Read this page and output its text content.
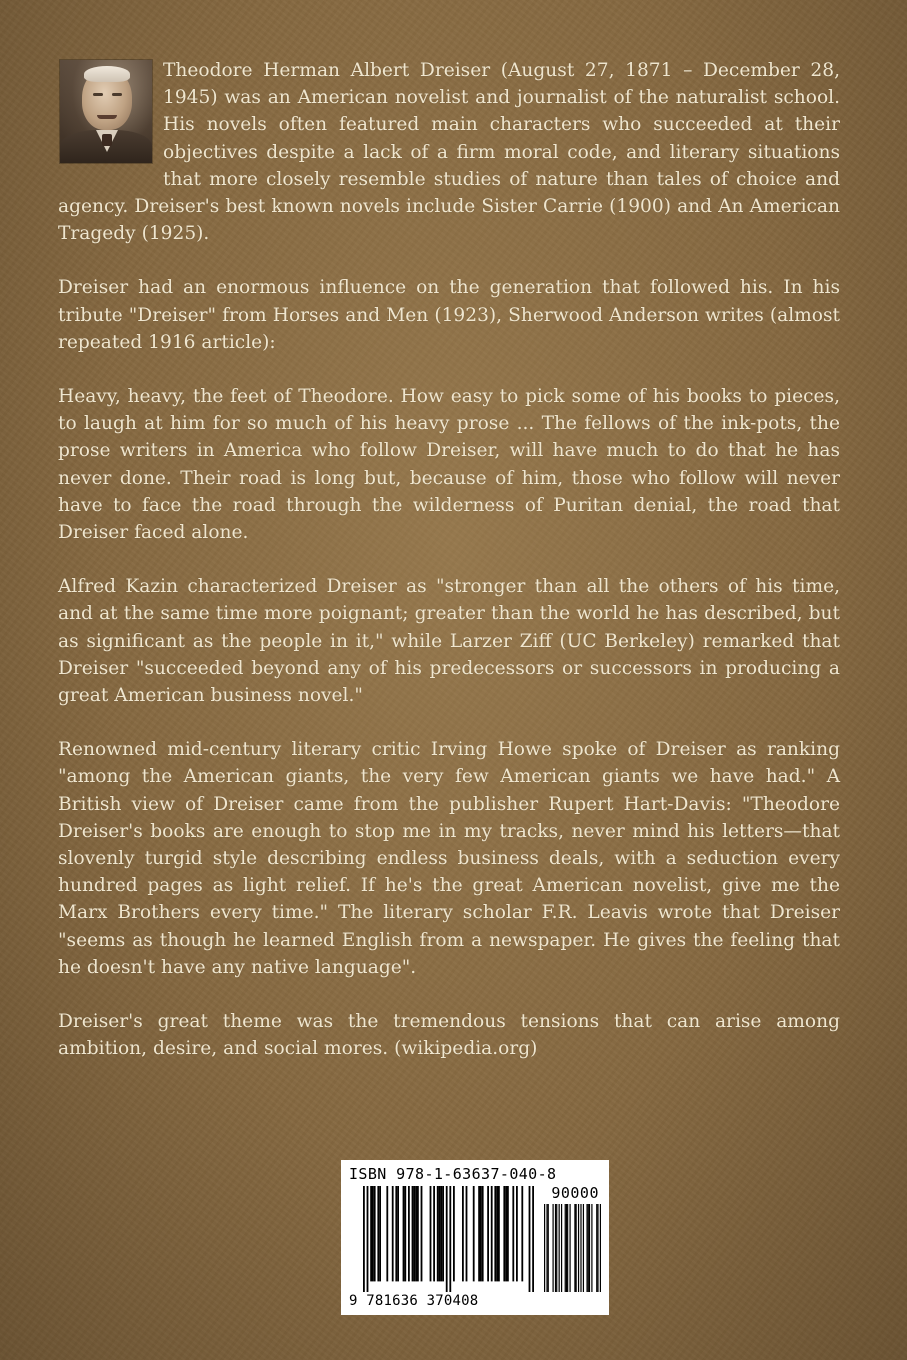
Theodore Herman Albert Dreiser (August 27, 1871 – December 28, 1945) was an American novelist and journalist of the naturalist school. His novels often featured main characters who succeeded at their objectives despite a lack of a firm moral code, and literary situations that more closely resemble studies of nature than tales of choice and agency. Dreiser's best known novels include Sister Carrie (1900) and An American Tragedy (1925).

Dreiser had an enormous influence on the generation that followed his. In his tribute "Dreiser" from Horses and Men (1923), Sherwood Anderson writes (almost repeated 1916 article):

Heavy, heavy, the feet of Theodore. How easy to pick some of his books to pieces, to laugh at him for so much of his heavy prose ... The fellows of the ink-pots, the prose writers in America who follow Dreiser, will have much to do that he has never done. Their road is long but, because of him, those who follow will never have to face the road through the wilderness of Puritan denial, the road that Dreiser faced alone.

Alfred Kazin characterized Dreiser as "stronger than all the others of his time, and at the same time more poignant; greater than the world he has described, but as significant as the people in it," while Larzer Ziff (UC Berkeley) remarked that Dreiser "succeeded beyond any of his predecessors or successors in producing a great American business novel."

Renowned mid-century literary critic Irving Howe spoke of Dreiser as ranking "among the American giants, the very few American giants we have had." A British view of Dreiser came from the publisher Rupert Hart-Davis: "Theodore Dreiser's books are enough to stop me in my tracks, never mind his letters—that slovenly turgid style describing endless business deals, with a seduction every hundred pages as light relief. If he's the great American novelist, give me the Marx Brothers every time." The literary scholar F.R. Leavis wrote that Dreiser "seems as though he learned English from a newspaper. He gives the feeling that he doesn't have any native language".

Dreiser's great theme was the tremendous tensions that can arise among ambition, desire, and social mores. (wikipedia.org)

ISBN 978-1-63637-040-8
90000
9 781636 370408
